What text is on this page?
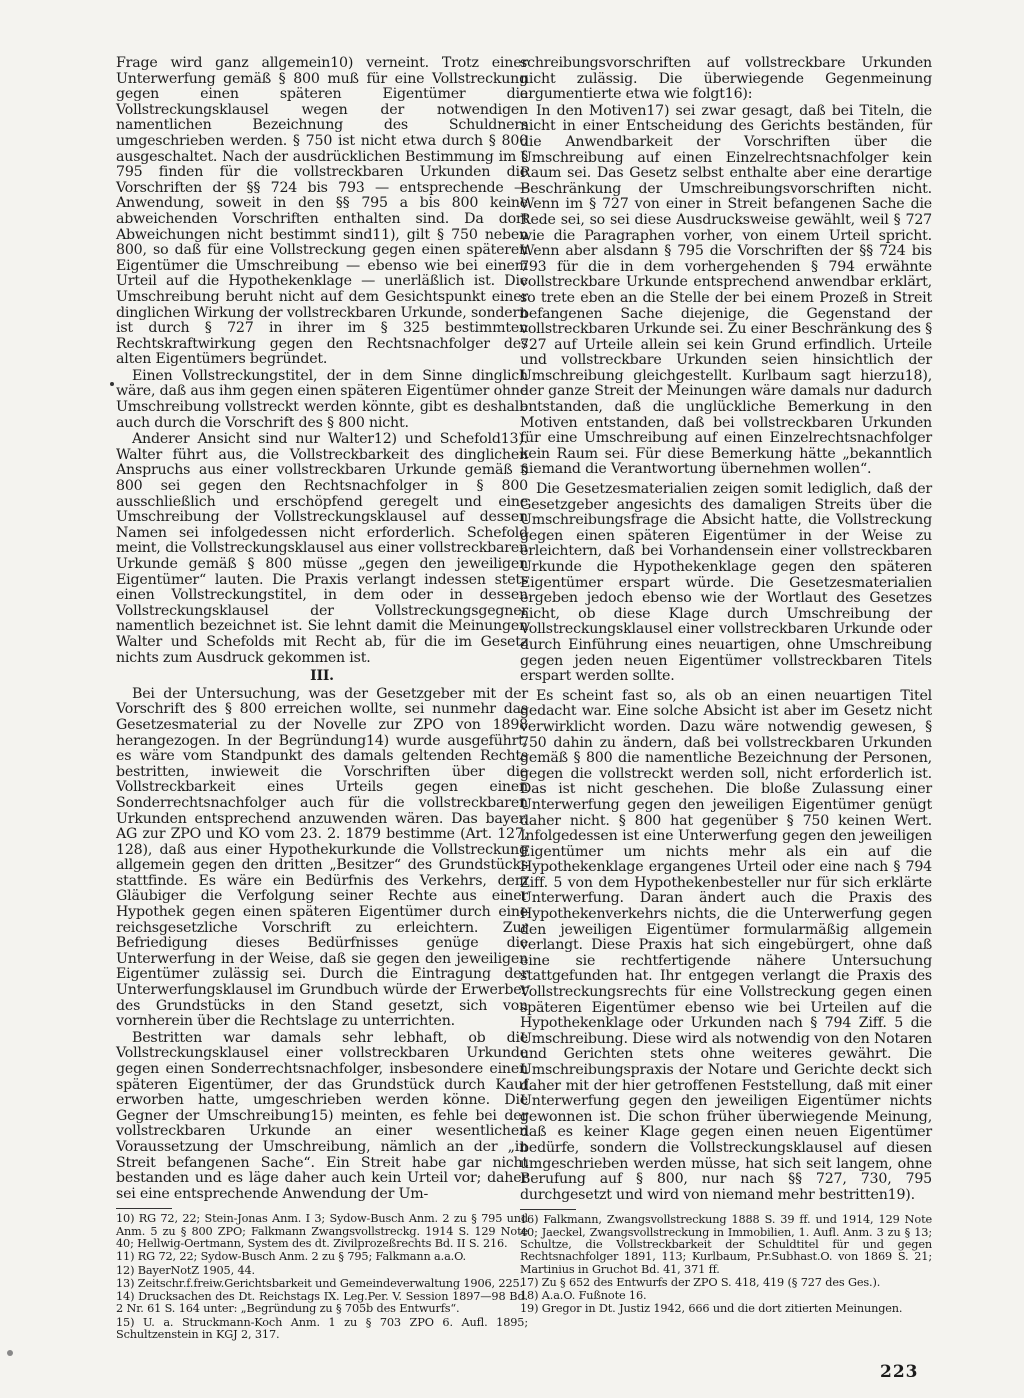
Frage wird ganz allgemein10) verneint. Trotz einer Unterwerfung gemäß § 800 muß für eine Vollstreckung gegen einen späteren Eigentümer die Vollstreckungsklausel wegen der notwendigen namentlichen Bezeichnung des Schuldners umgeschrieben werden. § 750 ist nicht etwa durch § 800 ausgeschaltet. Nach der ausdrücklichen Bestimmung im § 795 finden für die vollstreckbaren Urkunden die Vorschriften der §§ 724 bis 793 — entsprechende — Anwendung, soweit in den §§ 795 a bis 800 keine abweichenden Vorschriften enthalten sind. Da dort Abweichungen nicht bestimmt sind11), gilt § 750 neben 800, so daß für eine Vollstreckung gegen einen späteren Eigentümer die Umschreibung — ebenso wie bei einem Urteil auf die Hypothekenklage — unerläßlich ist. Die Umschreibung beruht nicht auf dem Gesichtspunkt einer dinglichen Wirkung der vollstreckbaren Urkunde, sondern ist durch § 727 in ihrer im § 325 bestimmten Rechtskraftwirkung gegen den Rechtsnachfolger des alten Eigentümers begründet.

Einen Vollstreckungstitel, der in dem Sinne dinglich wäre, daß aus ihm gegen einen späteren Eigentümer ohne Umschreibung vollstreckt werden könnte, gibt es deshalb auch durch die Vorschrift des § 800 nicht.

Anderer Ansicht sind nur Walter12) und Schefold13). Walter führt aus, die Vollstreckbarkeit des dinglichen Anspruchs aus einer vollstreckbaren Urkunde gemäß § 800 sei gegen den Rechtsnachfolger in § 800 ausschließlich und erschöpfend geregelt und eine Umschreibung der Vollstreckungsklausel auf dessen Namen sei infolgedessen nicht erforderlich. Schefold meint, die Vollstreckungsklausel aus einer vollstreckbaren Urkunde gemäß § 800 müsse „gegen den jeweiligen Eigentümer“ lauten. Die Praxis verlangt indessen stets einen Vollstreckungstitel, in dem oder in dessen Vollstreckungsklausel der Vollstreckungsgegner namentlich bezeichnet ist. Sie lehnt damit die Meinungen Walter und Schefolds mit Recht ab, für die im Gesetz nichts zum Ausdruck gekommen ist.

III.

Bei der Untersuchung, was der Gesetzgeber mit der Vorschrift des § 800 erreichen wollte, sei nunmehr das Gesetzesmaterial zu der Novelle zur ZPO von 1898 herangezogen. In der Begründung14) wurde ausgeführt, es wäre vom Standpunkt des damals geltenden Rechts bestritten, inwieweit die Vorschriften über die Vollstreckbarkeit eines Urteils gegen einen Sonderrechtsnachfolger auch für die vollstreckbaren Urkunden entsprechend anzuwenden wären. Das bayer. AG zur ZPO und KO vom 23. 2. 1879 bestimme (Art. 127, 128), daß aus einer Hypothekurkunde die Vollstreckung allgemein gegen den dritten „Besitzer“ des Grundstücks stattfinde. Es wäre ein Bedürfnis des Verkehrs, dem Gläubiger die Verfolgung seiner Rechte aus einer Hypothek gegen einen späteren Eigentümer durch eine reichsgesetzliche Vorschrift zu erleichtern. Zur Befriedigung dieses Bedürfnisses genüge die Unterwerfung in der Weise, daß sie gegen den jeweiligen Eigentümer zulässig sei. Durch die Eintragung der Unterwerfungsklausel im Grundbuch würde der Erwerber des Grundstücks in den Stand gesetzt, sich von vornherein über die Rechtslage zu unterrichten.

Bestritten war damals sehr lebhaft, ob die Vollstreckungsklausel einer vollstreckbaren Urkunde gegen einen Sonderrechtsnachfolger, insbesondere einen späteren Eigentümer, der das Grundstück durch Kauf erworben hatte, umgeschrieben werden könne. Die Gegner der Umschreibung15) meinten, es fehle bei der vollstreckbaren Urkunde an einer wesentlichen Voraussetzung der Umschreibung, nämlich an der „in Streit befangenen Sache“. Ein Streit habe gar nicht bestanden und es läge daher auch kein Urteil vor; daher sei eine entsprechende Anwendung der Um-

10) RG 72, 22; Stein-Jonas Anm. I 3; Sydow-Busch Anm. 2 zu § 795 und Anm. 5 zu § 800 ZPO; Falkmann Zwangsvollstreckg. 1914 S. 129 Note 40; Hellwig-Oertmann, System des dt. Zivilprozeßrechts Bd. II S. 216.

11) RG 72, 22; Sydow-Busch Anm. 2 zu § 795; Falkmann a.a.O.

12) BayerNotZ 1905, 44.

13) Zeitschr.f.freiw.Gerichtsbarkeit und Gemeindeverwaltung 1906, 225.

14) Drucksachen des Dt. Reichstags IX. Leg.Per. V. Session 1897—98 Bd. 2 Nr. 61 S. 164 unter: „Begründung zu § 705b des Entwurfs“.

15) U. a. Struckmann-Koch Anm. 1 zu § 703 ZPO 6. Aufl. 1895; Schultzenstein in KGJ 2, 317.

schreibungsvorschriften auf vollstreckbare Urkunden nicht zulässig. Die überwiegende Gegenmeinung argumentierte etwa wie folgt16):

In den Motiven17) sei zwar gesagt, daß bei Titeln, die nicht in einer Entscheidung des Gerichts beständen, für die Anwendbarkeit der Vorschriften über die Umschreibung auf einen Einzelrechtsnachfolger kein Raum sei. Das Gesetz selbst enthalte aber eine derartige Beschränkung der Umschreibungsvorschriften nicht. Wenn im § 727 von einer in Streit befangenen Sache die Rede sei, so sei diese Ausdrucksweise gewählt, weil § 727 wie die Paragraphen vorher, von einem Urteil spricht. Wenn aber alsdann § 795 die Vorschriften der §§ 724 bis 793 für die in dem vorhergehenden § 794 erwähnte vollstreckbare Urkunde entsprechend anwendbar erklärt, so trete eben an die Stelle der bei einem Prozeß in Streit befangenen Sache diejenige, die Gegenstand der vollstreckbaren Urkunde sei. Zu einer Beschränkung des § 727 auf Urteile allein sei kein Grund erfindlich. Urteile und vollstreckbare Urkunden seien hinsichtlich der Umschreibung gleichgestellt. Kurlbaum sagt hierzu18), der ganze Streit der Meinungen wäre damals nur dadurch entstanden, daß die unglückliche Bemerkung in den Motiven entstanden, daß bei vollstreckbaren Urkunden für eine Umschreibung auf einen Einzelrechtsnachfolger kein Raum sei. Für diese Bemerkung hätte „bekanntlich niemand die Verantwortung übernehmen wollen“.

Die Gesetzesmaterialien zeigen somit lediglich, daß der Gesetzgeber angesichts des damaligen Streits über die Umschreibungsfrage die Absicht hatte, die Vollstreckung gegen einen späteren Eigentümer in der Weise zu erleichtern, daß bei Vorhandensein einer vollstreckbaren Urkunde die Hypothekenklage gegen den späteren Eigentümer erspart würde. Die Gesetzesmaterialien ergeben jedoch ebenso wie der Wortlaut des Gesetzes nicht, ob diese Klage durch Umschreibung der Vollstreckungsklausel einer vollstreckbaren Urkunde oder durch Einführung eines neuartigen, ohne Umschreibung gegen jeden neuen Eigentümer vollstreckbaren Titels erspart werden sollte.

Es scheint fast so, als ob an einen neuartigen Titel gedacht war. Eine solche Absicht ist aber im Gesetz nicht verwirklicht worden. Dazu wäre notwendig gewesen, § 750 dahin zu ändern, daß bei vollstreckbaren Urkunden gemäß § 800 die namentliche Bezeichnung der Personen, gegen die vollstreckt werden soll, nicht erforderlich ist. Das ist nicht geschehen. Die bloße Zulassung einer Unterwerfung gegen den jeweiligen Eigentümer genügt daher nicht. § 800 hat gegenüber § 750 keinen Wert. Infolgedessen ist eine Unterwerfung gegen den jeweiligen Eigentümer um nichts mehr als ein auf die Hypothekenklage ergangenes Urteil oder eine nach § 794 Ziff. 5 von dem Hypothekenbesteller nur für sich erklärte Unterwerfung. Daran ändert auch die Praxis des Hypothekenverkehrs nichts, die die Unterwerfung gegen den jeweiligen Eigentümer formularmäßig allgemein verlangt. Diese Praxis hat sich eingebürgert, ohne daß eine sie rechtfertigende nähere Untersuchung stattgefunden hat. Ihr entgegen verlangt die Praxis des Vollstreckungsrechts für eine Vollstreckung gegen einen späteren Eigentümer ebenso wie bei Urteilen auf die Hypothekenklage oder Urkunden nach § 794 Ziff. 5 die Umschreibung. Diese wird als notwendig von den Notaren und Gerichten stets ohne weiteres gewährt. Die Umschreibungspraxis der Notare und Gerichte deckt sich daher mit der hier getroffenen Feststellung, daß mit einer Unterwerfung gegen den jeweiligen Eigentümer nichts gewonnen ist. Die schon früher überwiegende Meinung, daß es keiner Klage gegen einen neuen Eigentümer bedürfe, sondern die Vollstreckungsklausel auf diesen umgeschrieben werden müsse, hat sich seit langem, ohne Berufung auf § 800, nur nach §§ 727, 730, 795 durchgesetzt und wird von niemand mehr bestritten19).

16) Falkmann, Zwangsvollstreckung 1888 S. 39 ff. und 1914, 129 Note 40; Jaeckel, Zwangsvollstreckung in Immobilien, 1. Aufl. Anm. 3 zu § 13; Schultze, die Vollstreckbarkeit der Schuldtitel für und gegen Rechtsnachfolger 1891, 113; Kurlbaum, Pr.Subhast.O. von 1869 S. 21; Martinius in Gruchot Bd. 41, 371 ff.

17) Zu § 652 des Entwurfs der ZPO S. 418, 419 (§ 727 des Ges.).

18) A.a.O. Fußnote 16.

19) Gregor in Dt. Justiz 1942, 666 und die dort zitierten Meinungen.

223
